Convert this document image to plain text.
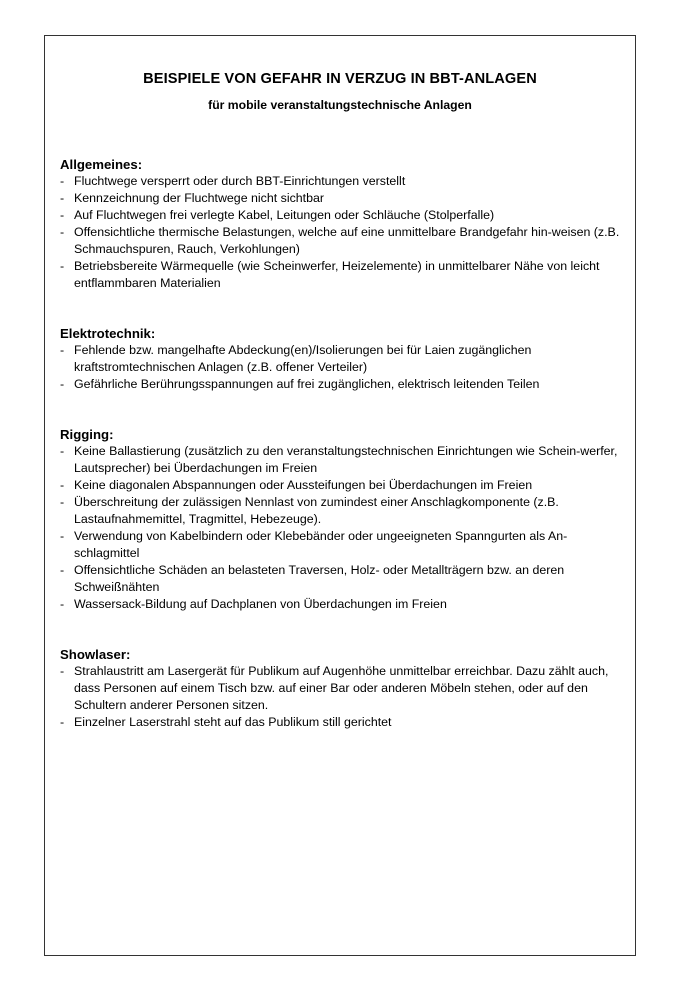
BEISPIELE VON GEFAHR IN VERZUG IN BBT-ANLAGEN
für mobile veranstaltungstechnische Anlagen
Allgemeines:
- Fluchtwege versperrt oder durch BBT-Einrichtungen verstellt
- Kennzeichnung der Fluchtwege nicht sichtbar
- Auf Fluchtwegen frei verlegte Kabel, Leitungen oder Schläuche (Stolperfalle)
- Offensichtliche thermische Belastungen, welche auf eine unmittelbare Brandgefahr hin-weisen (z.B. Schmauchspuren, Rauch, Verkohlungen)
- Betriebsbereite Wärmequelle (wie Scheinwerfer, Heizelemente) in unmittelbarer Nähe von leicht entflammbaren Materialien
Elektrotechnik:
- Fehlende bzw. mangelhafte Abdeckung(en)/Isolierungen bei für Laien zugänglichen kraftstromtechnischen Anlagen (z.B. offener Verteiler)
- Gefährliche Berührungsspannungen auf frei zugänglichen, elektrisch leitenden Teilen
Rigging:
- Keine Ballastierung (zusätzlich zu den veranstaltungstechnischen Einrichtungen wie Schein-werfer, Lautsprecher) bei Überdachungen im Freien
- Keine diagonalen Abspannungen oder Aussteifungen bei Überdachungen im Freien
- Überschreitung der zulässigen Nennlast von zumindest einer Anschlagkomponente (z.B. Lastaufnahmemittel, Tragmittel, Hebezeuge).
- Verwendung von Kabelbindern oder Klebebänder oder ungeeigneten Spanngurten als An-schlagmittel
- Offensichtliche Schäden an belasteten Traversen, Holz- oder Metallträgern bzw. an deren Schweißnähten
- Wassersack-Bildung auf Dachplanen von Überdachungen im Freien
Showlaser:
- Strahlaustritt am Lasergerät für Publikum auf Augenhöhe unmittelbar erreichbar. Dazu zählt auch, dass Personen auf einem Tisch bzw. auf einer Bar oder anderen Möbeln stehen, oder auf den Schultern anderer Personen sitzen.
- Einzelner Laserstrahl steht auf das Publikum still gerichtet
